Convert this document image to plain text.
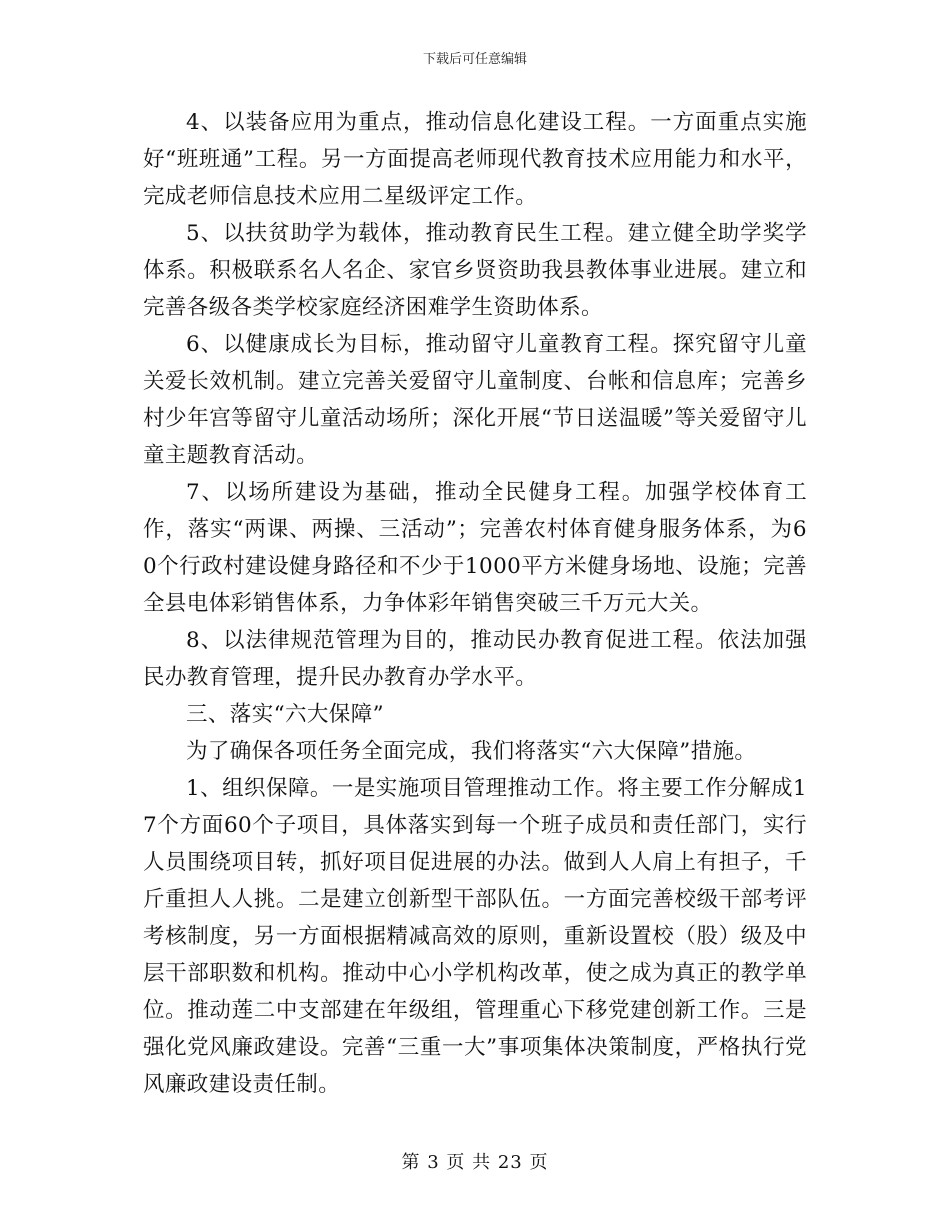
下载后可任意编辑

4、以装备应用为重点，推动信息化建设工程。一方面重点实施好“班班通”工程。另一方面提高老师现代教育技术应用能力和水平，完成老师信息技术应用二星级评定工作。

5、以扶贫助学为载体，推动教育民生工程。建立健全助学奖学体系。积极联系名人名企、家官乡贤资助我县教体事业进展。建立和完善各级各类学校家庭经济困难学生资助体系。

6、以健康成长为目标，推动留守儿童教育工程。探究留守儿童关爱长效机制。建立完善关爱留守儿童制度、台帐和信息库；完善乡村少年宫等留守儿童活动场所；深化开展“节日送温暖”等关爱留守儿童主题教育活动。

7、以场所建设为基础，推动全民健身工程。加强学校体育工作，落实“两课、两操、三活动”；完善农村体育健身服务体系，为60个行政村建设健身路径和不少于1000平方米健身场地、设施；完善全县电体彩销售体系，力争体彩年销售突破三千万元大关。

8、以法律规范管理为目的，推动民办教育促进工程。依法加强民办教育管理，提升民办教育办学水平。

三、落实“六大保障”

为了确保各项任务全面完成，我们将落实“六大保障”措施。

1、组织保障。一是实施项目管理推动工作。将主要工作分解成17个方面60个子项目，具体落实到每一个班子成员和责任部门，实行人员围绕项目转，抓好项目促进展的办法。做到人人肩上有担子，千斤重担人人挑。二是建立创新型干部队伍。一方面完善校级干部考评考核制度，另一方面根据精减高效的原则，重新设置校（股）级及中层干部职数和机构。推动中心小学机构改革，使之成为真正的教学单位。推动莲二中支部建在年级组，管理重心下移党建创新工作。三是强化党风廉政建设。完善“三重一大”事项集体决策制度，严格执行党风廉政建设责任制。

第 3 页 共 23 页
